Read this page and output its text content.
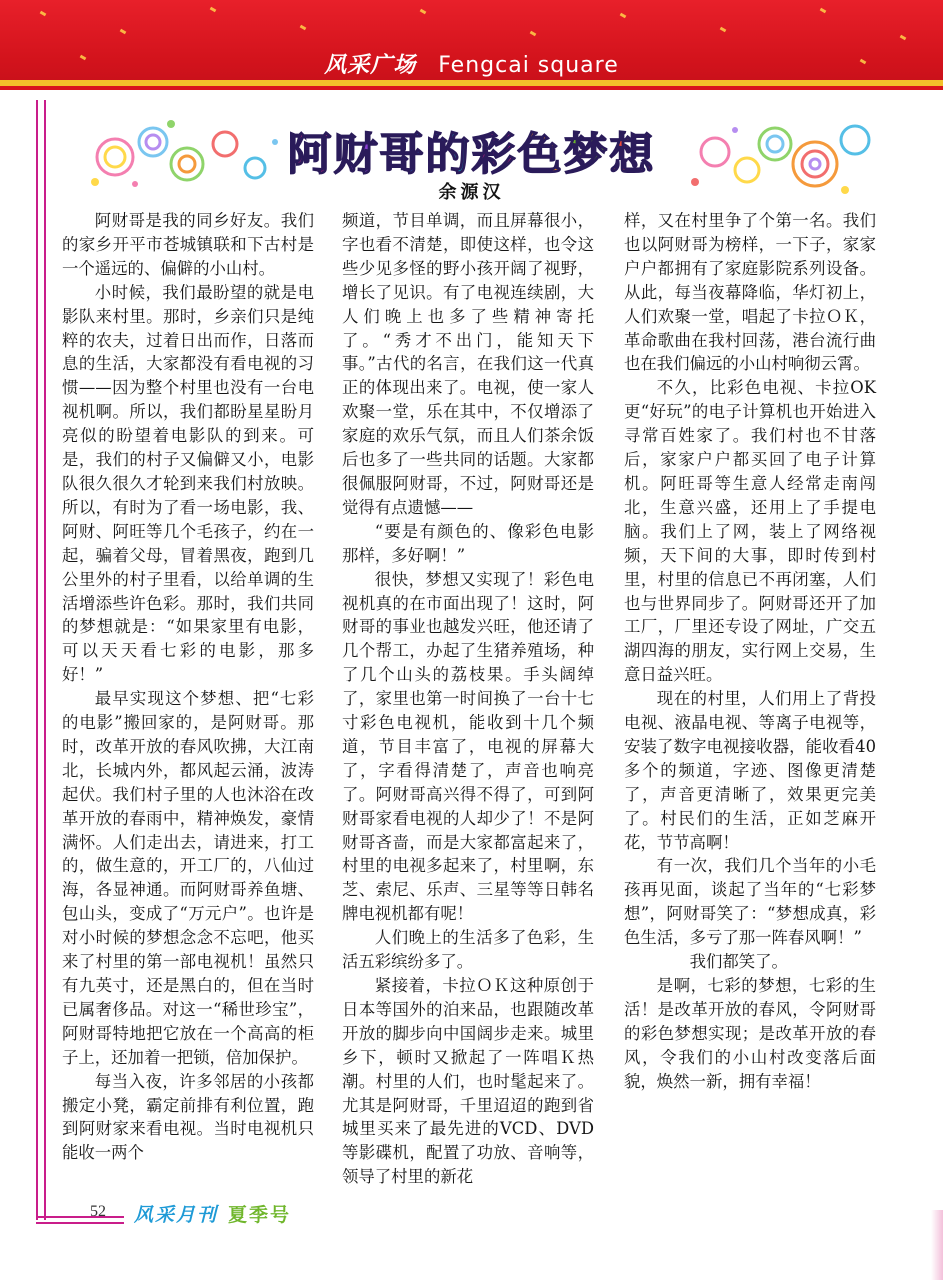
风采广场 Fengcai square
阿财哥的彩色梦想
余源汉

阿财哥是我的同乡好友。我们的家乡开平市苍城镇联和下古村是一个遥远的、偏僻的小山村。

小时候，我们最盼望的就是电影队来村里。那时，乡亲们只是纯粹的农夫，过着日出而作，日落而息的生活，大家都没有看电视的习惯——因为整个村里也没有一台电视机啊。所以，我们都盼星星盼月亮似的盼望着电影队的到来。可是，我们的村子又偏僻又小，电影队很久很久才轮到来我们村放映。所以，有时为了看一场电影，我、阿财、阿旺等几个毛孩子，约在一起，骗着父母，冒着黑夜，跑到几公里外的村子里看，以给单调的生活增添些许色彩。那时，我们共同的梦想就是：“如果家里有电影，可以天天看七彩的电影，那多好！”

最早实现这个梦想、把“七彩的电影”搬回家的，是阿财哥。那时，改革开放的春风吹拂，大江南北，长城内外，都风起云涌，波涛起伏。我们村子里的人也沐浴在改革开放的春雨中，精神焕发，豪情满怀。人们走出去，请进来，打工的，做生意的，开工厂的，八仙过海，各显神通。而阿财哥养鱼塘、包山头，变成了“万元户”。也许是对小时候的梦想念念不忘吧，他买来了村里的第一部电视机！虽然只有九英寸，还是黑白的，但在当时已属奢侈品。对这一“稀世珍宝”，阿财哥特地把它放在一个高高的柜子上，还加着一把锁，倍加保护。

每当入夜，许多邻居的小孩都搬定小凳，霸定前排有利位置，跑到阿财家来看电视。当时电视机只能收一两个

频道，节目单调，而且屏幕很小，字也看不清楚，即使这样，也令这些少见多怪的野小孩开阔了视野，增长了见识。有了电视连续剧，大人们晚上也多了些精神寄托了。“秀才不出门，能知天下事。”古代的名言，在我们这一代真正的体现出来了。电视，使一家人欢聚一堂，乐在其中，不仅增添了家庭的欢乐气氛，而且人们茶余饭后也多了一些共同的话题。大家都很佩服阿财哥，不过，阿财哥还是觉得有点遗憾——

“要是有颜色的、像彩色电影那样，多好啊！”

很快，梦想又实现了！彩色电视机真的在市面出现了！这时，阿财哥的事业也越发兴旺，他还请了几个帮工，办起了生猪养殖场，种了几个山头的荔枝果。手头阔绰了，家里也第一时间换了一台十七寸彩色电视机，能收到十几个频道，节目丰富了，电视的屏幕大了，字看得清楚了，声音也响亮了。阿财哥高兴得不得了，可到阿财哥家看电视的人却少了！不是阿财哥吝啬，而是大家都富起来了，村里的电视多起来了，村里啊，东芝、索尼、乐声、三星等等日韩名牌电视机都有呢！

人们晚上的生活多了色彩，生活五彩缤纷多了。

紧接着，卡拉ＯＫ这种原创于日本等国外的泊来品，也跟随改革开放的脚步向中国阔步走来。城里乡下，顿时又掀起了一阵唱Ｋ热潮。村里的人们，也时髦起来了。尤其是阿财哥，千里迢迢的跑到省城里买来了最先进的VCD、DVD等影碟机，配置了功放、音响等，领导了村里的新花

样，又在村里争了个第一名。我们也以阿财哥为榜样，一下子，家家户户都拥有了家庭影院系列设备。从此，每当夜幕降临，华灯初上，人们欢聚一堂，唱起了卡拉ＯＫ，革命歌曲在我村回荡，港台流行曲也在我们偏远的小山村响彻云霄。

不久，比彩色电视、卡拉OK更“好玩”的电子计算机也开始进入寻常百姓家了。我们村也不甘落后，家家户户都买回了电子计算机。阿旺哥等生意人经常走南闯北，生意兴盛，还用上了手提电脑。我们上了网，装上了网络视频，天下间的大事，即时传到村里，村里的信息已不再闭塞，人们也与世界同步了。阿财哥还开了加工厂，厂里还专设了网址，广交五湖四海的朋友，实行网上交易，生意日益兴旺。

现在的村里，人们用上了背投电视、液晶电视、等离子电视等，安装了数字电视接收器，能收看40多个的频道，字迹、图像更清楚了，声音更清晰了，效果更完美了。村民们的生活，正如芝麻开花，节节高啊！

有一次，我们几个当年的小毛孩再见面，谈起了当年的“七彩梦想”，阿财哥笑了：“梦想成真，彩色生活，多亏了那一阵春风啊！”

我们都笑了。

是啊，七彩的梦想，七彩的生活！是改革开放的春风，令阿财哥的彩色梦想实现；是改革开放的春风，令我们的小山村改变落后面貌，焕然一新，拥有幸福！

52 风采月刊 夏季号
